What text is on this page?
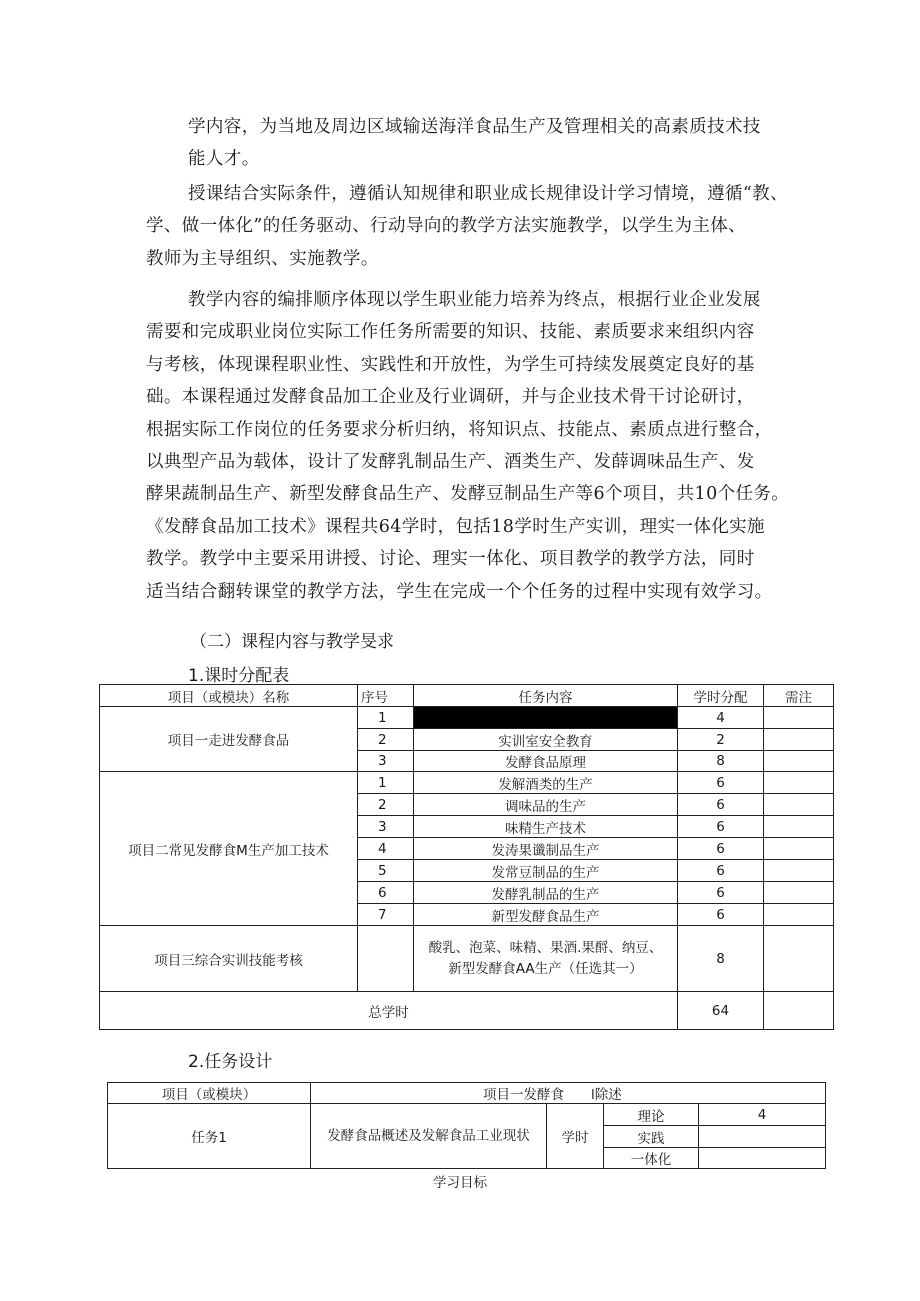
学内容，为当地及周边区域输送海洋食品生产及管理相关的高素质技术技
能人才。
授课结合实际条件，遵循认知规律和职业成长规律设计学习情境，遵循“教、
学、做一体化”的任务驱动、行动导向的教学方法实施教学，以学生为主体、
教师为主导组织、实施教学。
教学内容的编排顺序体现以学生职业能力培养为终点，根据行业企业发展
需要和完成职业岗位实际工作任务所需要的知识、技能、素质要求来组织内容
与考核，体现课程职业性、实践性和开放性，为学生可持续发展奠定良好的基
础。本课程通过发酵食品加工企业及行业调研，并与企业技术骨干讨论研讨，
根据实际工作岗位的任务要求分析归纳，将知识点、技能点、素质点进行整合，
以典型产品为载体，设计了发酵乳制品生产、酒类生产、发薛调味品生产、发
酵果蔬制品生产、新型发酵食品生产、发酵豆制品生产等6个项目，共10个任务。
《发酵食品加工技术》课程共64学时，包括18学时生产实训，理实一体化实施
教学。教学中主要采用讲授、讨论、理实一体化、项目教学的教学方法，同时
适当结合翻转课堂的教学方法，学生在完成一个个任务的过程中实现有效学习。
（二）课程内容与教学旻求
1.课时分配表
项目（或模块）名称	序号	任务内容	学时分配	需注
项目一走进发酵食品	1		4	
	2	实训室安全教育	2	
	3	发酵食品原理	8	
项目二常见发酵食M生产加工技术	1	发解酒类的生产	6	
	2	调味品的生产	6	
	3	味精生产技术	6	
	4	发涛果谶制品生产	6	
	5	发常豆制品的生产	6	
	6	发酵乳制品的生产	6	
	7	新型发酵食品生产	6	
项目三综合实训技能考核		酸乳、泡菜、味精、果酒.果酹、纳豆、新型发酵食AA生产（任选其一）	8	
总学时			64	
2.任务设计
项目（或模块）	项目一发酵食　　l除述			
任务1	发酵食品概述及发解食品工业现状	学时	理论	4
			实践	
			一体化	
学习目标
